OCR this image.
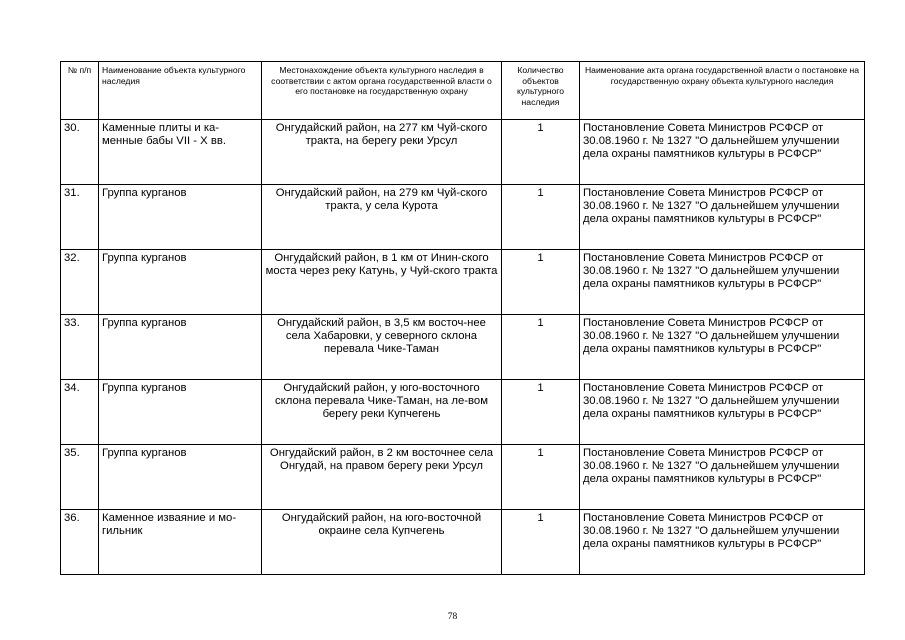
№ п/п	Наименование объекта культурного наследия	Местонахождение объекта культурного наследия в соответствии с актом органа государственной власти о его постановке на государственную охрану	Количество объектов культурного наследия	Наименование акта органа государственной власти о постановке на государственную охрану объекта культурного наследия

30.	Каменные плиты и ка-менные бабы VII - X вв.	Онгудайский район, на 277 км Чуй-ского тракта, на берегу реки Урсул	1	Постановление Совета Министров РСФСР от 30.08.1960 г. № 1327 "О дальнейшем улучшении дела охраны памятников культуры в РСФСР"
31.	Группа курганов	Онгудайский район, на 279 км Чуй-ского тракта, у села Курота	1	Постановление Совета Министров РСФСР от 30.08.1960 г. № 1327 "О дальнейшем улучшении дела охраны памятников культуры в РСФСР"
32.	Группа курганов	Онгудайский район, в 1 км от Инин-ского моста через реку Катунь, у Чуй-ского тракта	1	Постановление Совета Министров РСФСР от 30.08.1960 г. № 1327 "О дальнейшем улучшении дела охраны памятников культуры в РСФСР"
33.	Группа курганов	Онгудайский район, в 3,5 км восточ-нее села Хабаровки, у северного склона перевала Чике-Таман	1	Постановление Совета Министров РСФСР от 30.08.1960 г. № 1327 "О дальнейшем улучшении дела охраны памятников культуры в РСФСР"
34.	Группа курганов	Онгудайский район, у юго-восточного склона перевала Чике-Таман, на ле-вом берегу реки Купчегень	1	Постановление Совета Министров РСФСР от 30.08.1960 г. № 1327 "О дальнейшем улучшении дела охраны памятников культуры в РСФСР"
35.	Группа курганов	Онгудайский район, в 2 км восточнее села Онгудай, на правом берегу реки Урсул	1	Постановление Совета Министров РСФСР от 30.08.1960 г. № 1327 "О дальнейшем улучшении дела охраны памятников культуры в РСФСР"
36.	Каменное изваяние и мо-гильник	Онгудайский район, на юго-восточной окраине села Купчегень	1	Постановление Совета Министров РСФСР от 30.08.1960 г. № 1327 "О дальнейшем улучшении дела охраны памятников культуры в РСФСР"
78
